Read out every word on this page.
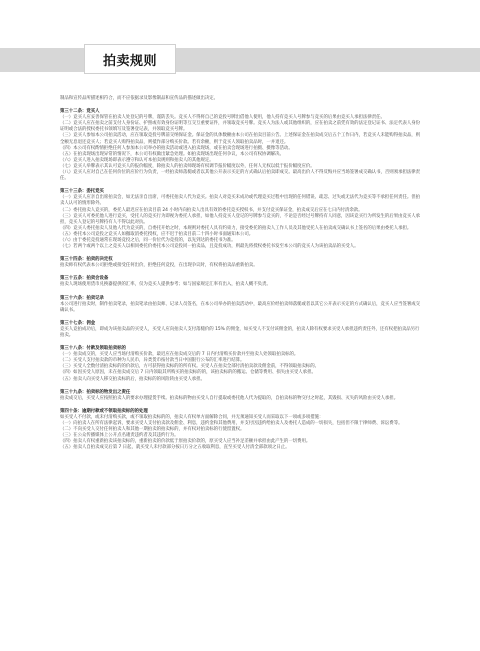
拍卖规则

制品和宣传品所描述相符合，而不应依据录及影像制品和宣传品的描述做出决定。

第三十二条：竞买人

（一）竞买人应妥善保管在拍卖人处登记的号牌，谨防丢失。竞买人不得将自己的竞投号牌出借他人使用，他人持有竞买人号牌参与竞买的后果由竞买人承担法律责任。

（二）竞买人应在拍卖之前支付人身份证、护照或有效身份证明等互交互重要证件，并领取竞买号牌。竞买人为法人或其他组织的，应在拍卖之前凭有效的法定登记证书、法定代表人身份证明或合法的授权委托书领填写及签署登记表，并领取竞买号牌。

（三）竞买人参加本公司拍卖活动，应在领取竞投号牌前交纳保证金。保证金的具体数额由本公司在拍卖目前公告。上述保证金在拍卖成交后五个工作日内，若竞买人未能购得拍卖品，则全额无息退还竞买人；若竞买人购得拍卖品，则抵作部分购买价款。若有余额，则于竞买人领取拍卖品时，一并退还。

（四）本公司有权酌情拒绝任何人参加本公司举办的拍卖活动或进入拍卖现场，或在拍卖会现场进行拍摄、摄像等活动。

（五）在拍卖现场出现异常的情况下，本公司有权做出紧急处理。如拍卖现场出现任何争议，本公司有权协调解决。

（六）竞买人进入拍卖现场即表示遵守和认可本拍卖规则和拍卖人的其他规定。

（七）竞买人举牌表示其认可竞买人的报价幅度，除拍卖人的拍卖师现场有权调节报价幅度以外，任何人无权以低于报价幅度应价。

（八）竞买人应对自己在任何价位的应价行为负责，一经拍卖师落槌或者以其他公开表示买定的方式确认后拍卖即成交。最高出价人不得反悔并应当场签署成交确认书，否则须承担法律责任。

第三十三条：委托竞买

（一）竞买人应亲自出席拍卖会，如无法亲自出席，可委托拍卖人代为竞买。拍卖人对竞买未成功或代理竞买过程中出现的任何错误、疏忽、过失或无法代为竞买等不承担任何责任。但拍卖人认可的情形除外。

（二）委托拍卖人竞买的，委托人最迟应在拍卖目前 24 小时内向拍卖人出具有效的委托竞买授权书，并支付竞买保证金，拍卖成交后应在七日内付清余款。

（三）竞买人可委托他人进行竞买，受托人的竞买行为即视为委托人承担，如他人持竞买人登记的号牌参与竞买的，不论是否经过号牌持有人同意，因该竞买行为所发生的后果由竞买人承担，竞买人登记的号牌持有人不得以此对抗。

（四）竞买人委托拍卖人及他人代为竞买的，自委托开始之时，本规则对委托人具有约束力，接受委托的拍卖人工作人员及其他受托人在拍卖成交确认书上签名的后果由委托人承担。

（五）委托本公司竞投之竞买人如撤取消委托授权，应不迟于拍卖目前二十四小时书面通知本公司。

（六）由于委托竞投通常在现场竞投之后，同一价位代为竞投的，以先到达的委托书为准。

（七）若两个或两个以上之竞买人以相同委托价委托本公司竞投同一拍卖品，且竞投成功，则最先将授权委托书发至本公司的竞买人为该拍卖品的买受人。

第三十四条：拍卖的决定权

拍卖师有权代表本公司拒绝或接受任何出价，拒绝任何竞投，在出现争议时，有权将拍卖品重新拍卖。

第三十五条：拍卖会设备

拍卖人现场使用货币兑换器提供的汇率，仅为竞买人提供参考；如与国家规定汇率有出入，拍卖人概不负责。

第三十六条：拍卖记录

本公司进行拍卖时，制作拍卖笔录，拍卖笔录由拍卖师、记录人员签名，在本公司举办的拍卖活动中，最高应价经拍卖师落槌或者以其它公开表示买定的方式确认后，竞买人应当签署成交确认书。

第三十七条：佣金

竞买人竞拍成功后，即成为该拍卖品的买受人，买受人应向拍卖人支付落槌价的 15% 的佣金，如买受人不支付该佣金的，拍卖人除有权要求买受人承担违约责任外，还有权把拍卖品另行拍卖。

第三十八条：付款及领取拍卖标的

（一）拍卖成交的，买受人应当场付清购买价款，最迟应在拍卖成交后的 7 日内付清购买价款并至拍卖人处领取拍卖标的。

（二）买受人支付拍卖款的币种为人民币，异类货币按付款当日中国银行公布的汇率进行结算。

（三）买受人全数付清拍卖标的的价款后，方可获得拍卖标的的所有权。买受人在拍卖全部付清拍卖款及佣金前，不得领取拍卖标的。

（四）如因买受人原因，未在拍卖成交后 7 日内领取其所购买的拍卖标的的，该拍卖标的的搬运、仓储等费用、损失由买受人承担。

（五）拍卖人向买受人移交拍卖标的后，拍卖标的的风险转由买受人承担。

第三十九条：拍卖标的物发出之责任

拍卖成交后，买受人应按照拍卖人的要求办理提货手续。拍卖标的物由买受人自行提取或委托他人代为提取的，自拍卖标的物交付之时起，其毁损、灭失的风险由买受人承担。

第四十条：逾期付款或不领取拍卖标的的处理

如买受人不付款，或未付清购买款，或不领取拍卖标的的，拍卖人有权单方面解除合同，并无须通知买受人而采取以下一项或多项措施：

（一）向拍卖人在所有法律起诉，要求买受人支付拍卖款及佣金、利息，违约金和其他费用，并支付因违约给拍卖人及委托人造成的一切损失，包括但不限于律师费、诉讼费等。

（二）不向买受人交付任何拍卖人和其他一期拍卖的拍卖标的，并有权对拍卖标的行使留置权。

（三）在公众传播媒体上公开点名谴责违约者及其违约行为。

（四）拍卖人有权重新拍卖该拍卖标的，重新拍卖的价款低于原拍卖价款的，原买受人应当补足差额并承担由此产生的一切费用。

（五）拍卖人自拍卖成交后第 7 日起，就买受人未付款部分按日万分之五收取利息，直至买受人付清全部款项之日止。
